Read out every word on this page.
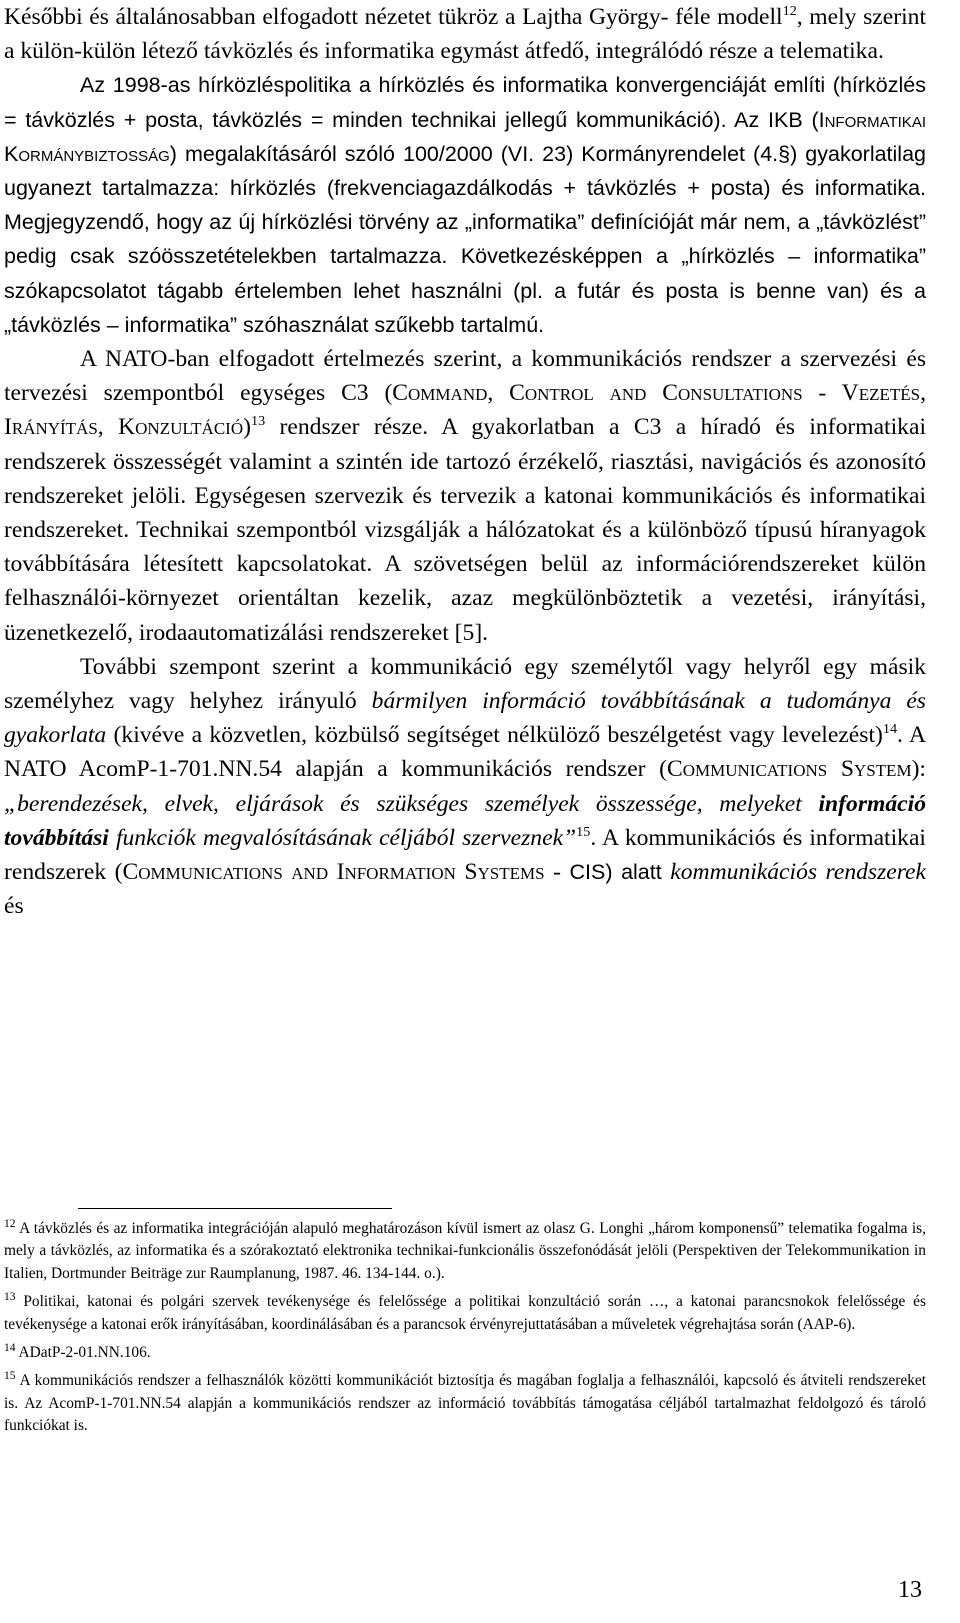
Későbbi és általánosabban elfogadott nézetet tükröz a Lajtha György- féle modell$^{12}$, mely szerint a külön-külön létező távközlés és informatika egymást átfedő, integrálódó része a telematika.

Az 1998-as hírközléspolitika a hírközlés és informatika konvergenciáját említi (hírközlés = távközlés + posta, távközlés = minden technikai jellegű kommunikáció). Az IKB (Informatikai Kormánybiztosság) megalakításáról szóló 100/2000 (VI. 23) Kormányrendelet (4.§) gyakorlatilag ugyanezt tartalmazza: hírközlés (frekvenciagazdálkodás + távközlés + posta) és informatika. Megjegyzendő, hogy az új hírközlési törvény az „informatika” definícióját már nem, a „távközlést” pedig csak szóösszetételekben tartalmazza. Következésképpen a „hírközlés – informatika” szókapcsolatot tágabb értelemben lehet használni (pl. a futár és posta is benne van) és a „távközlés – informatika” szóhasználat szűkebb tartalmú.

A NATO-ban elfogadott értelmezés szerint, a kommunikációs rendszer a szervezési és tervezési szempontból egységes C3 (Command, Control and Consultations - Vezetés, Irányítás, Konzultáció)$^{13}$ rendszer része. A gyakorlatban a C3 a híradó és informatikai rendszerek összességét valamint a szintén ide tartozó érzékelő, riasztási, navigációs és azonosító rendszereket jelöli. Egységesen szervezik és tervezik a katonai kommunikációs és informatikai rendszereket. Technikai szempontból vizsgálják a hálózatokat és a különböző típusú híranyagok továbbítására létesített kapcsolatokat. A szövetségen belül az információrendszereket külön felhasználói-környezet orientáltan kezelik, azaz megkülönböztetik a vezetési, irányítási, üzenetkezelő, irodaautomatizálási rendszereket [5].

További szempont szerint a kommunikáció egy személytől vagy helyről egy másik személyhez vagy helyhez irányuló bármilyen információ továbbításának a tudománya és gyakorlata (kivéve a közvetlen, közbülső segítséget nélkülöző beszélgetést vagy levelezést)$^{14}$. A NATO AcomP-1-701.NN.54 alapján a kommunikációs rendszer (Communications System): „berendezések, elvek, eljárások és szükséges személyek összessége, melyeket információ továbbítási funkciók megvalósításának céljából szerveznek”$^{15}$. A kommunikációs és informatikai rendszerek (Communications and Information Systems - CIS) alatt kommunikációs rendszerek és

$^{12}$ A távközlés és az informatika integrációján alapuló meghatározáson kívül ismert az olasz G. Longhi „három komponensű” telematika fogalma is, mely a távközlés, az informatika és a szórakoztató elektronika technikai-funkcionális összefonódását jelöli (Perspektiven der Telekommunikation in Italien, Dortmunder Beiträge zur Raumplanung, 1987. 46. 134-144. o.).

$^{13}$ Politikai, katonai és polgári szervek tevékenysége és felelőssége a politikai konzultáció során …, a katonai parancsnokok felelőssége és tevékenysége a katonai erők irányításában, koordinálásában és a parancsok érvényrejuttatásában a műveletek végrehajtása során (AAP-6).

$^{14}$ ADatP-2-01.NN.106.

$^{15}$ A kommunikációs rendszer a felhasználók közötti kommunikációt biztosítja és magában foglalja a felhasználói, kapcsoló és átviteli rendszereket is. Az AcomP-1-701.NN.54 alapján a kommunikációs rendszer az információ továbbítás támogatása céljából tartalmazhat feldolgozó és tároló funkciókat is.

13
